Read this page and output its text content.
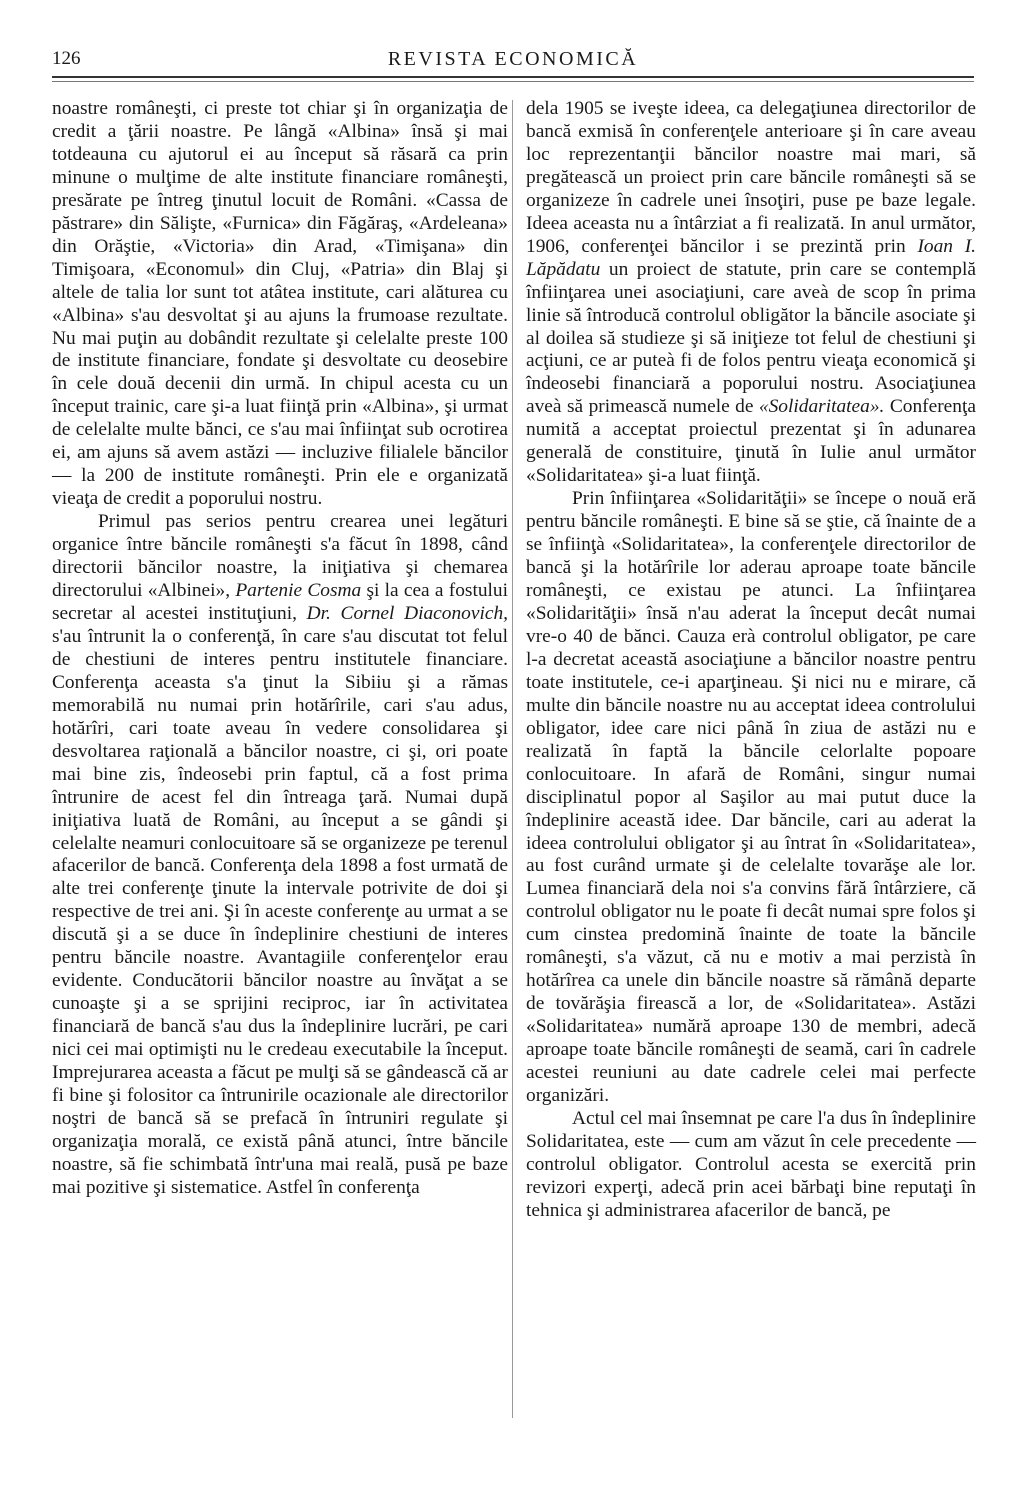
126	REVISTA ECONOMICĂ

noastre româneşti, ci preste tot chiar şi în organizaţia de credit a ţării noastre. Pe lângă «Albina» însă şi mai totdeauna cu ajutorul ei au început să răsară ca prin minune o mulţime de alte institute financiare româneşti, presărate pe întreg ţinutul locuit de Români. «Cassa de păstrare» din Sălişte, «Furnica» din Făgăraş, «Ardeleana» din Orăştie, «Victoria» din Arad, «Timişana» din Timişoara, «Economul» din Cluj, «Patria» din Blaj şi altele de talia lor sunt tot atâtea institute, cari alăturea cu «Albina» s'au desvoltat şi au ajuns la frumoase rezultate. Nu mai puţin au dobândit rezultate şi celelalte preste 100 de institute financiare, fondate şi desvoltate cu deosebire în cele două decenii din urmă. In chipul acesta cu un început trainic, care şi-a luat fiinţă prin «Albina», şi urmat de celelalte multe bănci, ce s'au mai înfiinţat sub ocrotirea ei, am ajuns să avem astăzi — incluzive filialele băncilor — la 200 de institute româneşti. Prin ele e organizată vieaţa de credit a poporului nostru.

Primul pas serios pentru crearea unei legături organice între băncile româneşti s'a făcut în 1898, când directorii băncilor noastre, la iniţiativa şi chemarea directorului «Albinei», Partenie Cosma şi la cea a fostului secretar al acestei instituţiuni, Dr. Cornel Diaconovich, s'au întrunit la o conferenţă, în care s'au discutat tot felul de chestiuni de interes pentru institutele financiare. Conferenţa aceasta s'a ţinut la Sibiiu şi a rămas memorabilă nu numai prin hotărîrile, cari s'au adus, hotărîri, cari toate aveau în vedere consolidarea şi desvoltarea raţională a băncilor noastre, ci şi, ori poate mai bine zis, îndeosebi prin faptul, că a fost prima întrunire de acest fel din întreaga ţară. Numai după iniţiativa luată de Români, au început a se gândi şi celelalte neamuri conlocuitoare să se organizeze pe terenul afacerilor de bancă. Conferenţa dela 1898 a fost urmată de alte trei conferenţe ţinute la intervale potrivite de doi şi respective de trei ani. Şi în aceste conferenţe au urmat a se discută şi a se duce în îndeplinire chestiuni de interes pentru băncile noastre. Avantagiile conferenţelor erau evidente. Conducătorii băncilor noastre au învăţat a se cunoaşte şi a se sprijini reciproc, iar în activitatea financiară de bancă s'au dus la îndeplinire lucrări, pe cari nici cei mai optimişti nu le credeau executabile la început. Imprejurarea aceasta a făcut pe mulţi să se gândească că ar fi bine şi folositor ca întrunirile ocazionale ale directorilor noştri de bancă să se prefacă în întruniri regulate şi organizaţia morală, ce există până atunci, între băncile noastre, să fie schimbată într'una mai reală, pusă pe baze mai pozitive şi sistematice. Astfel în conferenţa

dela 1905 se iveşte ideea, ca delegaţiunea directorilor de bancă exmisă în conferenţele anterioare şi în care aveau loc reprezentanţii băncilor noastre mai mari, să pregătească un proiect prin care băncile româneşti să se organizeze în cadrele unei însoţiri, puse pe baze legale. Ideea aceasta nu a întârziat a fi realizată. In anul următor, 1906, conferenţei băncilor i se prezintă prin Ioan I. Lăpădatu un proiect de statute, prin care se contemplă înfiinţarea unei asociaţiuni, care aveà de scop în prima linie să întroducă controlul obligător la băncile asociate şi al doilea să studieze şi să iniţieze tot felul de chestiuni şi acţiuni, ce ar puteà fi de folos pentru vieaţa economică şi îndeosebi financiară a poporului nostru. Asociaţiunea aveà să primească numele de «Solidaritatea». Conferenţa numită a acceptat proiectul prezentat şi în adunarea generală de constituire, ţinută în Iulie anul următor «Solidaritatea» şi-a luat fiinţă.

Prin înfiinţarea «Solidarităţii» se începe o nouă eră pentru băncile româneşti. E bine să se ştie, că înainte de a se înfiinţà «Solidaritatea», la conferenţele directorilor de bancă şi la hotărîrile lor aderau aproape toate băncile româneşti, ce existau pe atunci. La înfiinţarea «Solidarităţii» însă n'au aderat la început decât numai vre-o 40 de bănci. Cauza erà controlul obligator, pe care l-a decretat această asociaţiune a băncilor noastre pentru toate institutele, ce-i aparţineau. Şi nici nu e mirare, că multe din băncile noastre nu au acceptat ideea controlului obligator, idee care nici până în ziua de astăzi nu e realizată în faptă la băncile celorlalte popoare conlocuitoare. In afară de Români, singur numai disciplinatul popor al Saşilor au mai putut duce la îndeplinire această idee. Dar băncile, cari au aderat la ideea controlului obligator şi au întrat în «Solidaritatea», au fost curând urmate şi de celelalte tovarăşe ale lor. Lumea financiară dela noi s'a convins fără întârziere, că controlul obligator nu le poate fi decât numai spre folos şi cum cinstea predomină înainte de toate la băncile româneşti, s'a văzut, că nu e motiv a mai perzistà în hotărîrea ca unele din băncile noastre să rămână departe de tovărăşia firească a lor, de «Solidaritatea». Astăzi «Solidaritatea» numără aproape 130 de membri, adecă aproape toate băncile româneşti de seamă, cari în cadrele acestei reuniuni au date cadrele celei mai perfecte organizări.

Actul cel mai însemnat pe care l'a dus în îndeplinire Solidaritatea, este — cum am văzut în cele precedente — controlul obligator. Controlul acesta se exercită prin revizori experţi, adecă prin acei bărbaţi bine reputaţi în tehnica şi administrarea afacerilor de bancă, pe
